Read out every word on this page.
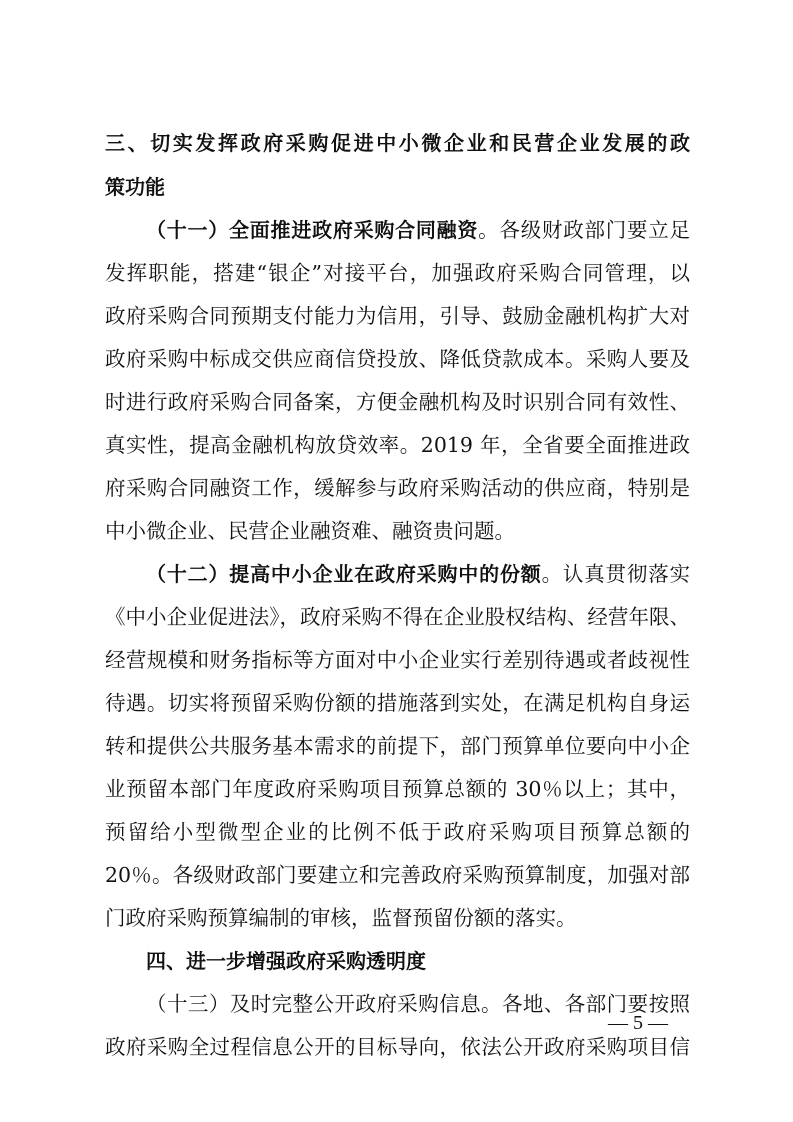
三、切实发挥政府采购促进中小微企业和民营企业发展的政
策功能
（十一）全面推进政府采购合同融资。各级财政部门要立足
发挥职能，搭建“银企”对接平台，加强政府采购合同管理，以
政府采购合同预期支付能力为信用，引导、鼓励金融机构扩大对
政府采购中标成交供应商信贷投放、降低贷款成本。采购人要及
时进行政府采购合同备案，方便金融机构及时识别合同有效性、
真实性，提高金融机构放贷效率。2019 年，全省要全面推进政
府采购合同融资工作，缓解参与政府采购活动的供应商，特别是
中小微企业、民营企业融资难、融资贵问题。
（十二）提高中小企业在政府采购中的份额。认真贯彻落实
《中小企业促进法》，政府采购不得在企业股权结构、经营年限、
经营规模和财务指标等方面对中小企业实行差别待遇或者歧视性
待遇。切实将预留采购份额的措施落到实处，在满足机构自身运
转和提供公共服务基本需求的前提下，部门预算单位要向中小企
业预留本部门年度政府采购项目预算总额的 30％以上；其中，
预留给小型微型企业的比例不低于政府采购项目预算总额的
20％。各级财政部门要建立和完善政府采购预算制度，加强对部
门政府采购预算编制的审核，监督预留份额的落实。
四、进一步增强政府采购透明度
（十三）及时完整公开政府采购信息。各地、各部门要按照
政府采购全过程信息公开的目标导向，依法公开政府采购项目信
— 5 —
